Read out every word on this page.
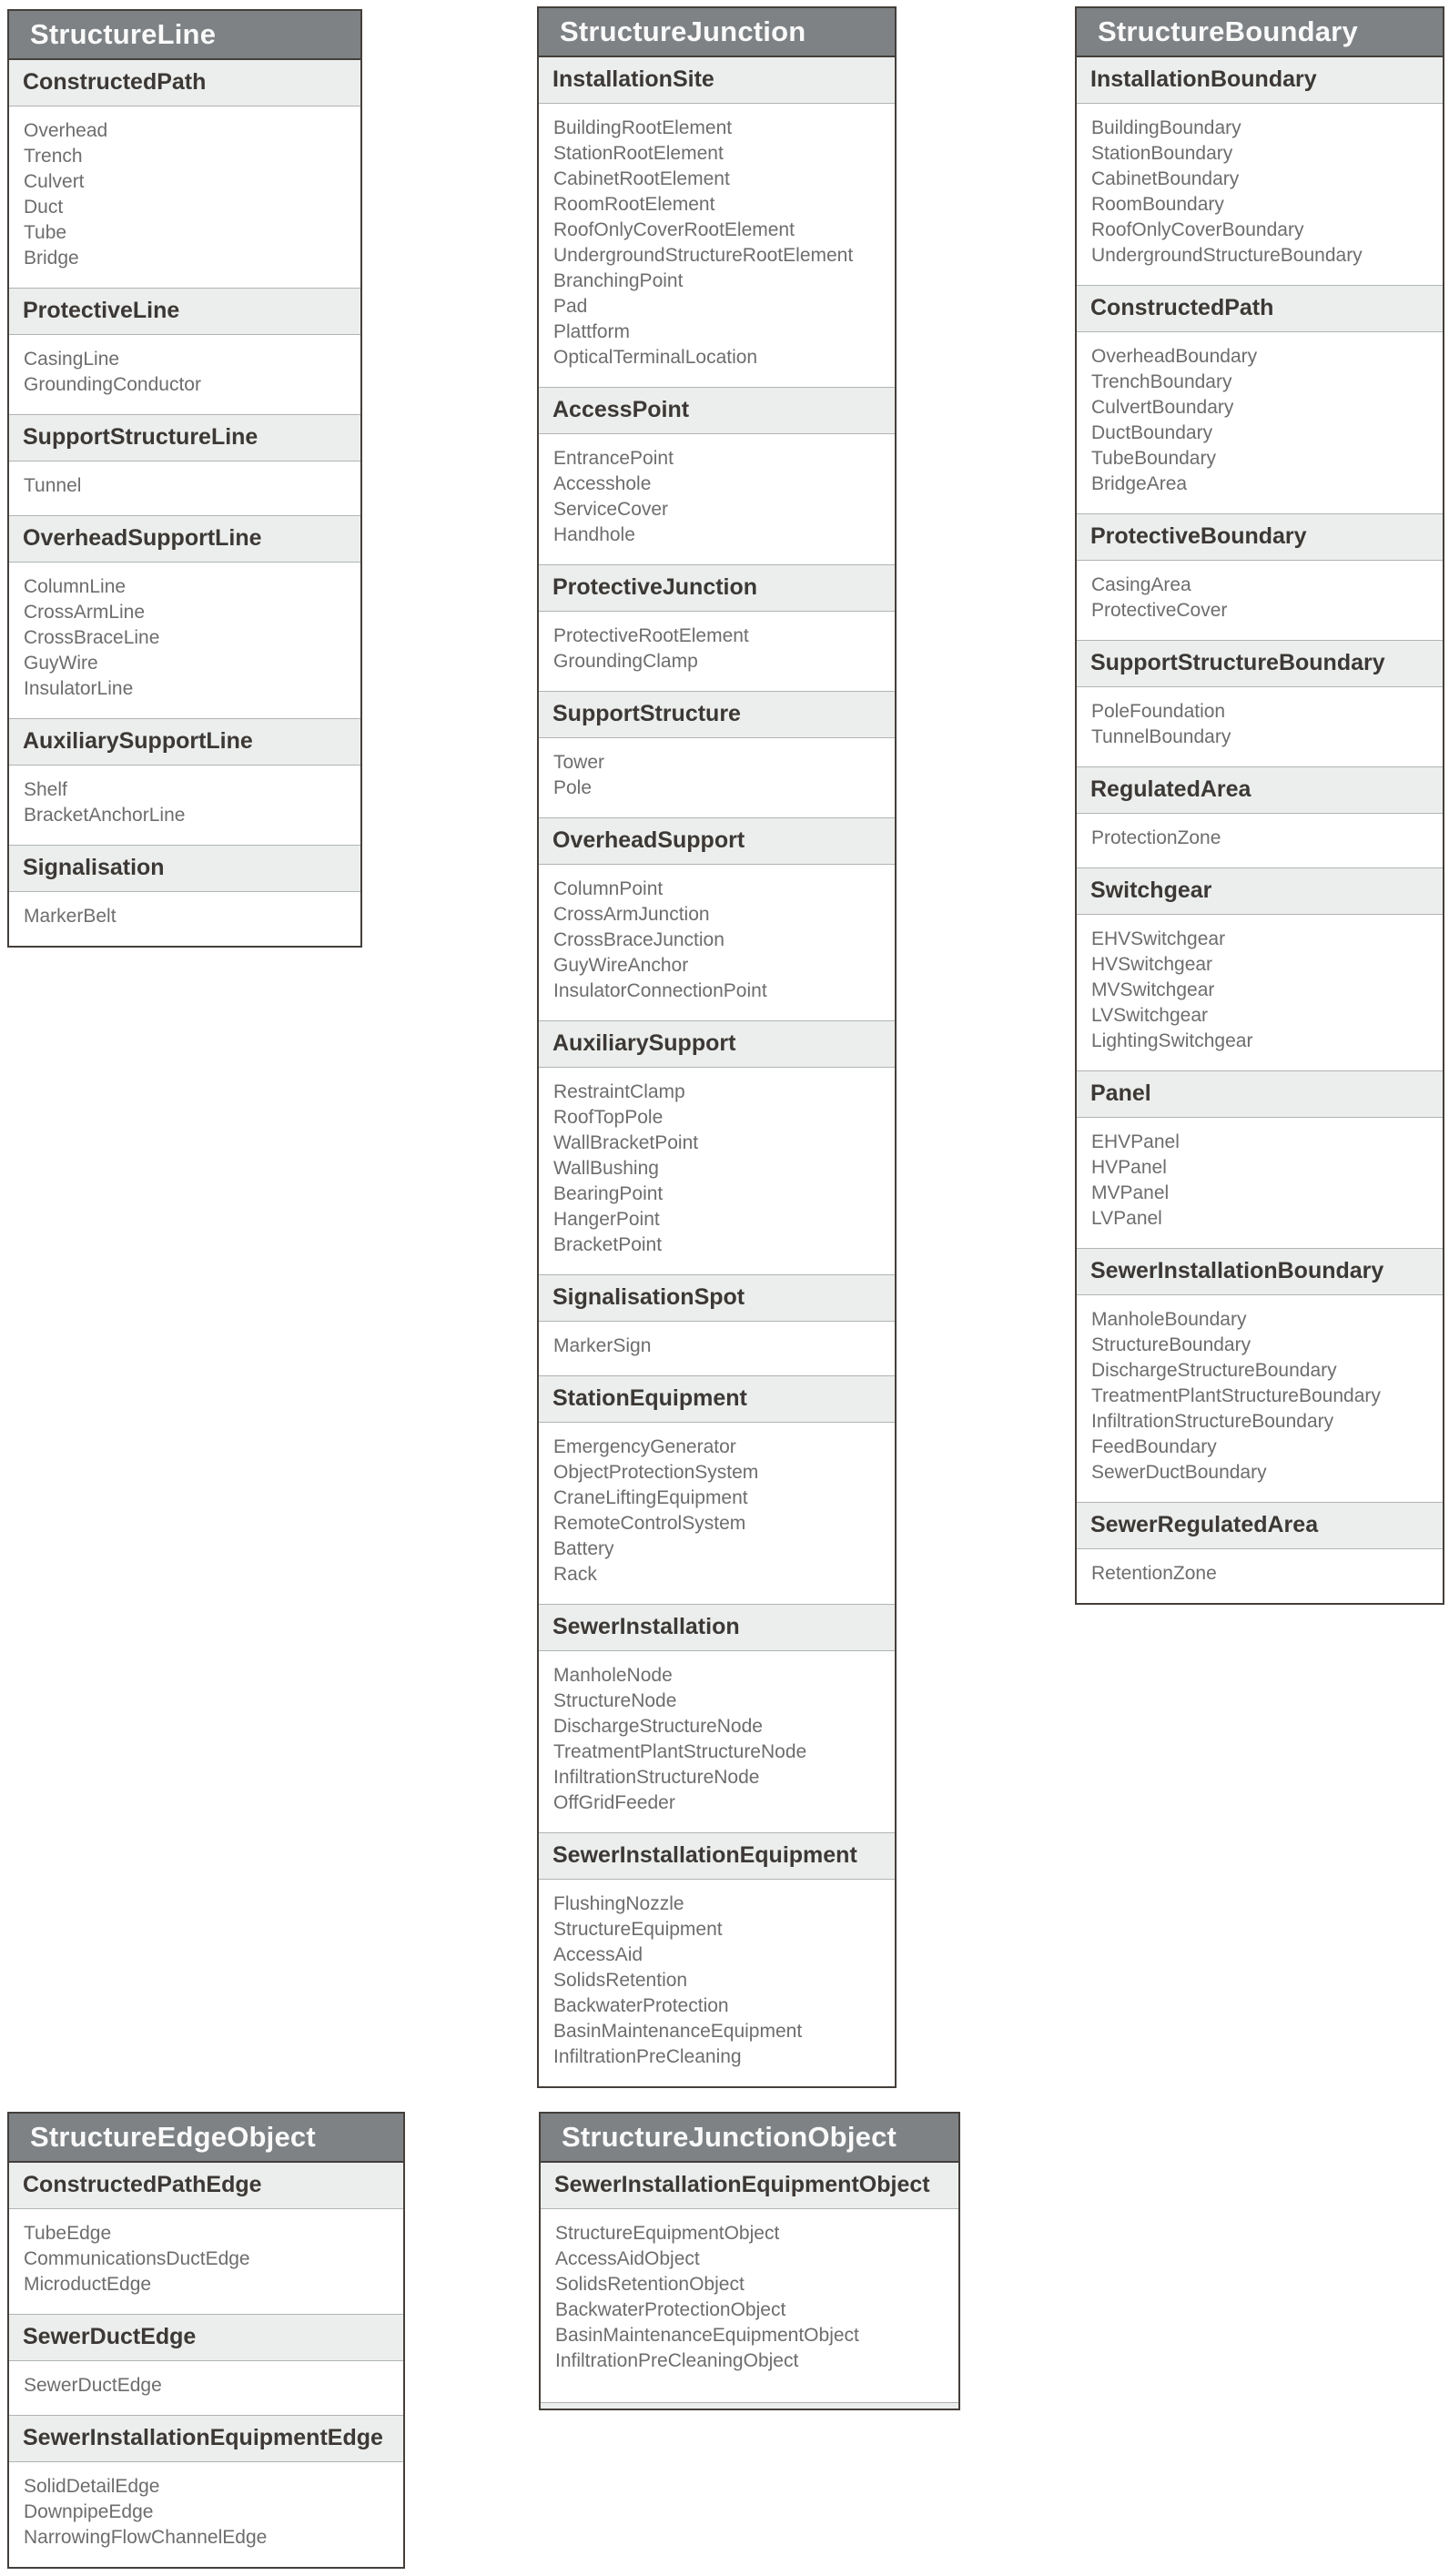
StructureLine
ConstructedPath
Overhead
Trench
Culvert
Duct
Tube
Bridge
ProtectiveLine
CasingLine
GroundingConductor
SupportStructureLine
Tunnel
OverheadSupportLine
ColumnLine
CrossArmLine
CrossBraceLine
GuyWire
InsulatorLine
AuxiliarySupportLine
Shelf
BracketAnchorLine
Signalisation
MarkerBelt
StructureJunction
InstallationSite
BuildingRootElement
StationRootElement
CabinetRootElement
RoomRootElement
RoofOnlyCoverRootElement
UndergroundStructureRootElement
BranchingPoint
Pad
Plattform
OpticalTerminalLocation
AccessPoint
EntrancePoint
Accesshole
ServiceCover
Handhole
ProtectiveJunction
ProtectiveRootElement
GroundingClamp
SupportStructure
Tower
Pole
OverheadSupport
ColumnPoint
CrossArmJunction
CrossBraceJunction
GuyWireAnchor
InsulatorConnectionPoint
AuxiliarySupport
RestraintClamp
RoofTopPole
WallBracketPoint
WallBushing
BearingPoint
HangerPoint
BracketPoint
SignalisationSpot
MarkerSign
StationEquipment
EmergencyGenerator
ObjectProtectionSystem
CraneLiftingEquipment
RemoteControlSystem
Battery
Rack
SewerInstallation
ManholeNode
StructureNode
DischargeStructureNode
TreatmentPlantStructureNode
InfiltrationStructureNode
OffGridFeeder
SewerInstallationEquipment
FlushingNozzle
StructureEquipment
AccessAid
SolidsRetention
BackwaterProtection
BasinMaintenanceEquipment
InfiltrationPreCleaning
StructureBoundary
InstallationBoundary
BuildingBoundary
StationBoundary
CabinetBoundary
RoomBoundary
RoofOnlyCoverBoundary
UndergroundStructureBoundary
ConstructedPath
OverheadBoundary
TrenchBoundary
CulvertBoundary
DuctBoundary
TubeBoundary
BridgeArea
ProtectiveBoundary
CasingArea
ProtectiveCover
SupportStructureBoundary
PoleFoundation
TunnelBoundary
RegulatedArea
ProtectionZone
Switchgear
EHVSwitchgear
HVSwitchgear
MVSwitchgear
LVSwitchgear
LightingSwitchgear
Panel
EHVPanel
HVPanel
MVPanel
LVPanel
SewerInstallationBoundary
ManholeBoundary
StructureBoundary
DischargeStructureBoundary
TreatmentPlantStructureBoundary
InfiltrationStructureBoundary
FeedBoundary
SewerDuctBoundary
SewerRegulatedArea
RetentionZone
StructureEdgeObject
ConstructedPathEdge
TubeEdge
CommunicationsDuctEdge
MicroductEdge
SewerDuctEdge
SewerDuctEdge
SewerInstallationEquipmentEdge
SolidDetailEdge
DownpipeEdge
NarrowingFlowChannelEdge
StructureJunctionObject
SewerInstallationEquipmentObject
StructureEquipmentObject
AccessAidObject
SolidsRetentionObject
BackwaterProtectionObject
BasinMaintenanceEquipmentObject
InfiltrationPreCleaningObject
